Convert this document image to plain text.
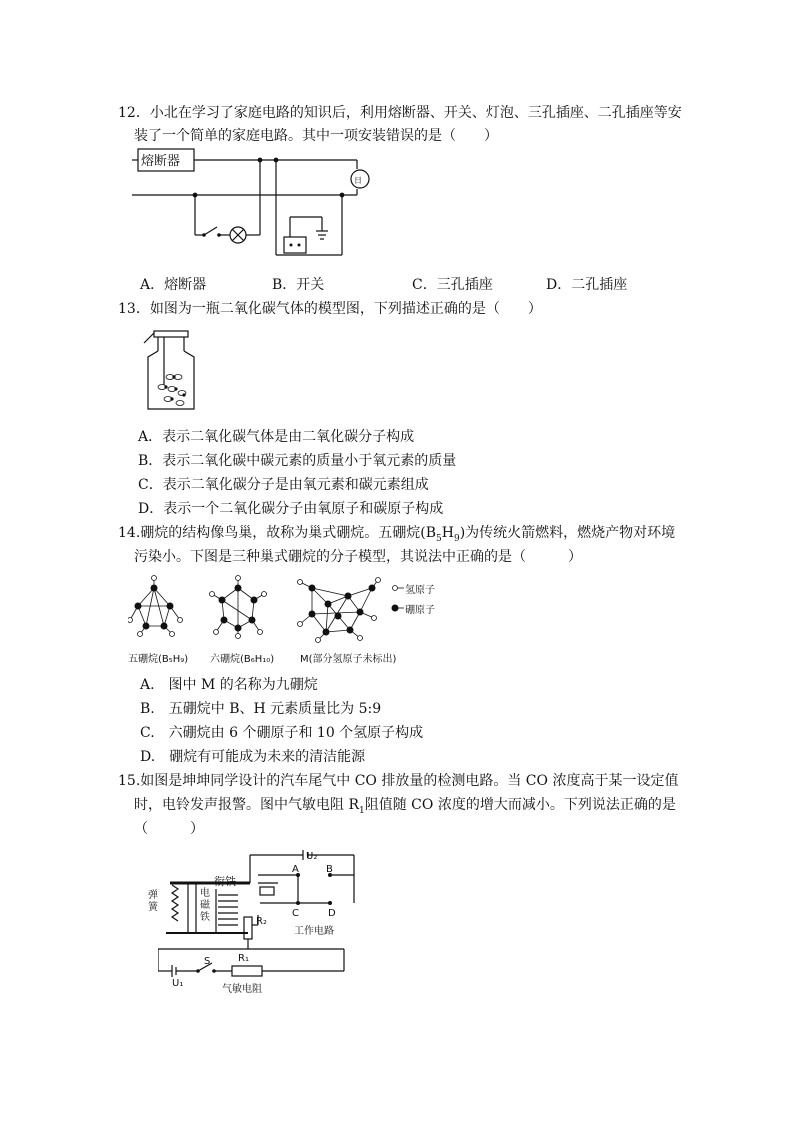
12．小北在学习了家庭电路的知识后，利用熔断器、开关、灯泡、三孔插座、二孔插座等安
装了一个简单的家庭电路。其中一项安装错误的是（　　）
熔断器
日
A．熔断器	B．开关	C．三孔插座	D．二孔插座
13．如图为一瓶二氧化碳气体的模型图，下列描述正确的是（　　）
A．表示二氧化碳气体是由二氧化碳分子构成
B．表示二氧化碳中碳元素的质量小于氧元素的质量
C．表示二氧化碳分子是由氧元素和碳元素组成
D．表示一个二氧化碳分子由氧原子和碳原子构成
14.硼烷的结构像鸟巢，故称为巢式硼烷。五硼烷$(B_5H_9)$为传统火箭燃料，燃烧产物对环境
污染小。下图是三种巢式硼烷的分子模型，其说法中正确的是（　　　）
氢原子
硼原子
五硼烷(B₅H₉) 六硼烷(B₆H₁₀)	M(部分氢原子未标出)
A.　图中 M 的名称为九硼烷
B.　五硼烷中 B、H 元素质量比为 5:9
C.　六硼烷由 6 个硼原子和 10 个氢原子构成
D.　硼烷有可能成为未来的清洁能源
15.如图是坤坤同学设计的汽车尾气中 CO 排放量的检测电路。当 CO 浓度高于某一设定值
时，电铃发声报警。图中气敏电阻 $R_1$阻值随 CO 浓度的增大而减小。下列说法正确的是
（　　　）
衔铁
弹簧
电磁铁
U₂
A	B
C	D
R₂
工作电路
S	R₁
U₁
气敏电阻
